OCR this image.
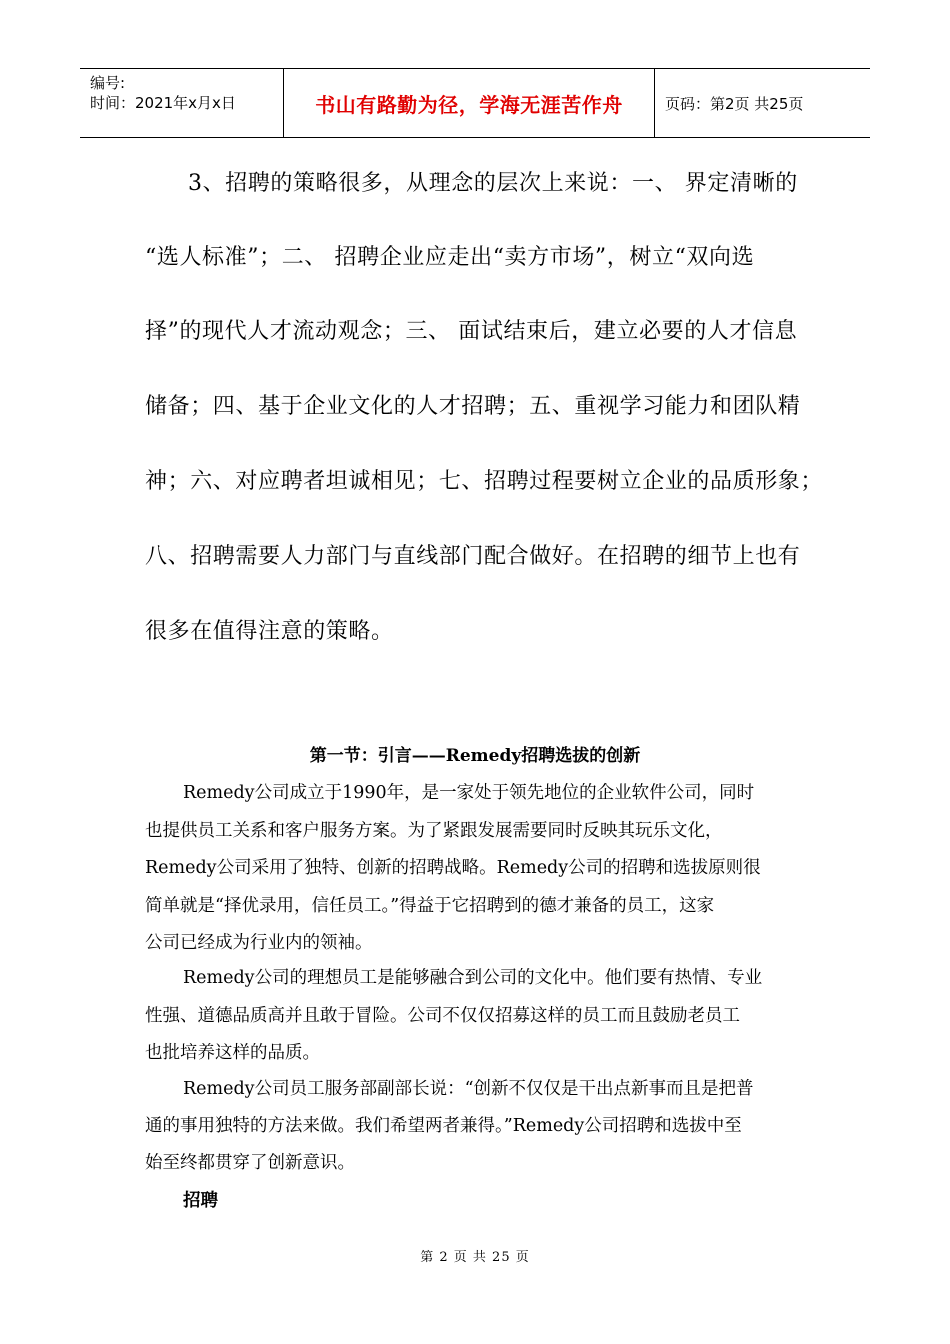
编号:
时间：2021年x月x日	书山有路勤为径，学海无涯苦作舟	页码：第2页 共25页
3、招聘的策略很多，从理念的层次上来说：一、 界定清晰的
“选人标准”；二、 招聘企业应走出“卖方市场”，树立“双向选
择”的现代人才流动观念；三、 面试结束后，建立必要的人才信息
储备；四、基于企业文化的人才招聘；五、重视学习能力和团队精
神；六、对应聘者坦诚相见；七、招聘过程要树立企业的品质形象；
八、招聘需要人力部门与直线部门配合做好。在招聘的细节上也有
很多在值得注意的策略。
第一节：引言——Remedy招聘选拔的创新
Remedy公司成立于1990年，是一家处于领先地位的企业软件公司，同时
也提供员工关系和客户服务方案。为了紧跟发展需要同时反映其玩乐文化，
Remedy公司采用了独特、创新的招聘战略。Remedy公司的招聘和选拔原则很
简单就是“择优录用，信任员工。”得益于它招聘到的德才兼备的员工，这家
公司已经成为行业内的领袖。
Remedy公司的理想员工是能够融合到公司的文化中。他们要有热情、专业
性强、道德品质高并且敢于冒险。公司不仅仅招募这样的员工而且鼓励老员工
也批培养这样的品质。
Remedy公司员工服务部副部长说：“创新不仅仅是干出点新事而且是把普
通的事用独特的方法来做。我们希望两者兼得。”Remedy公司招聘和选拔中至
始至终都贯穿了创新意识。
招聘
第 2 页 共 25 页
